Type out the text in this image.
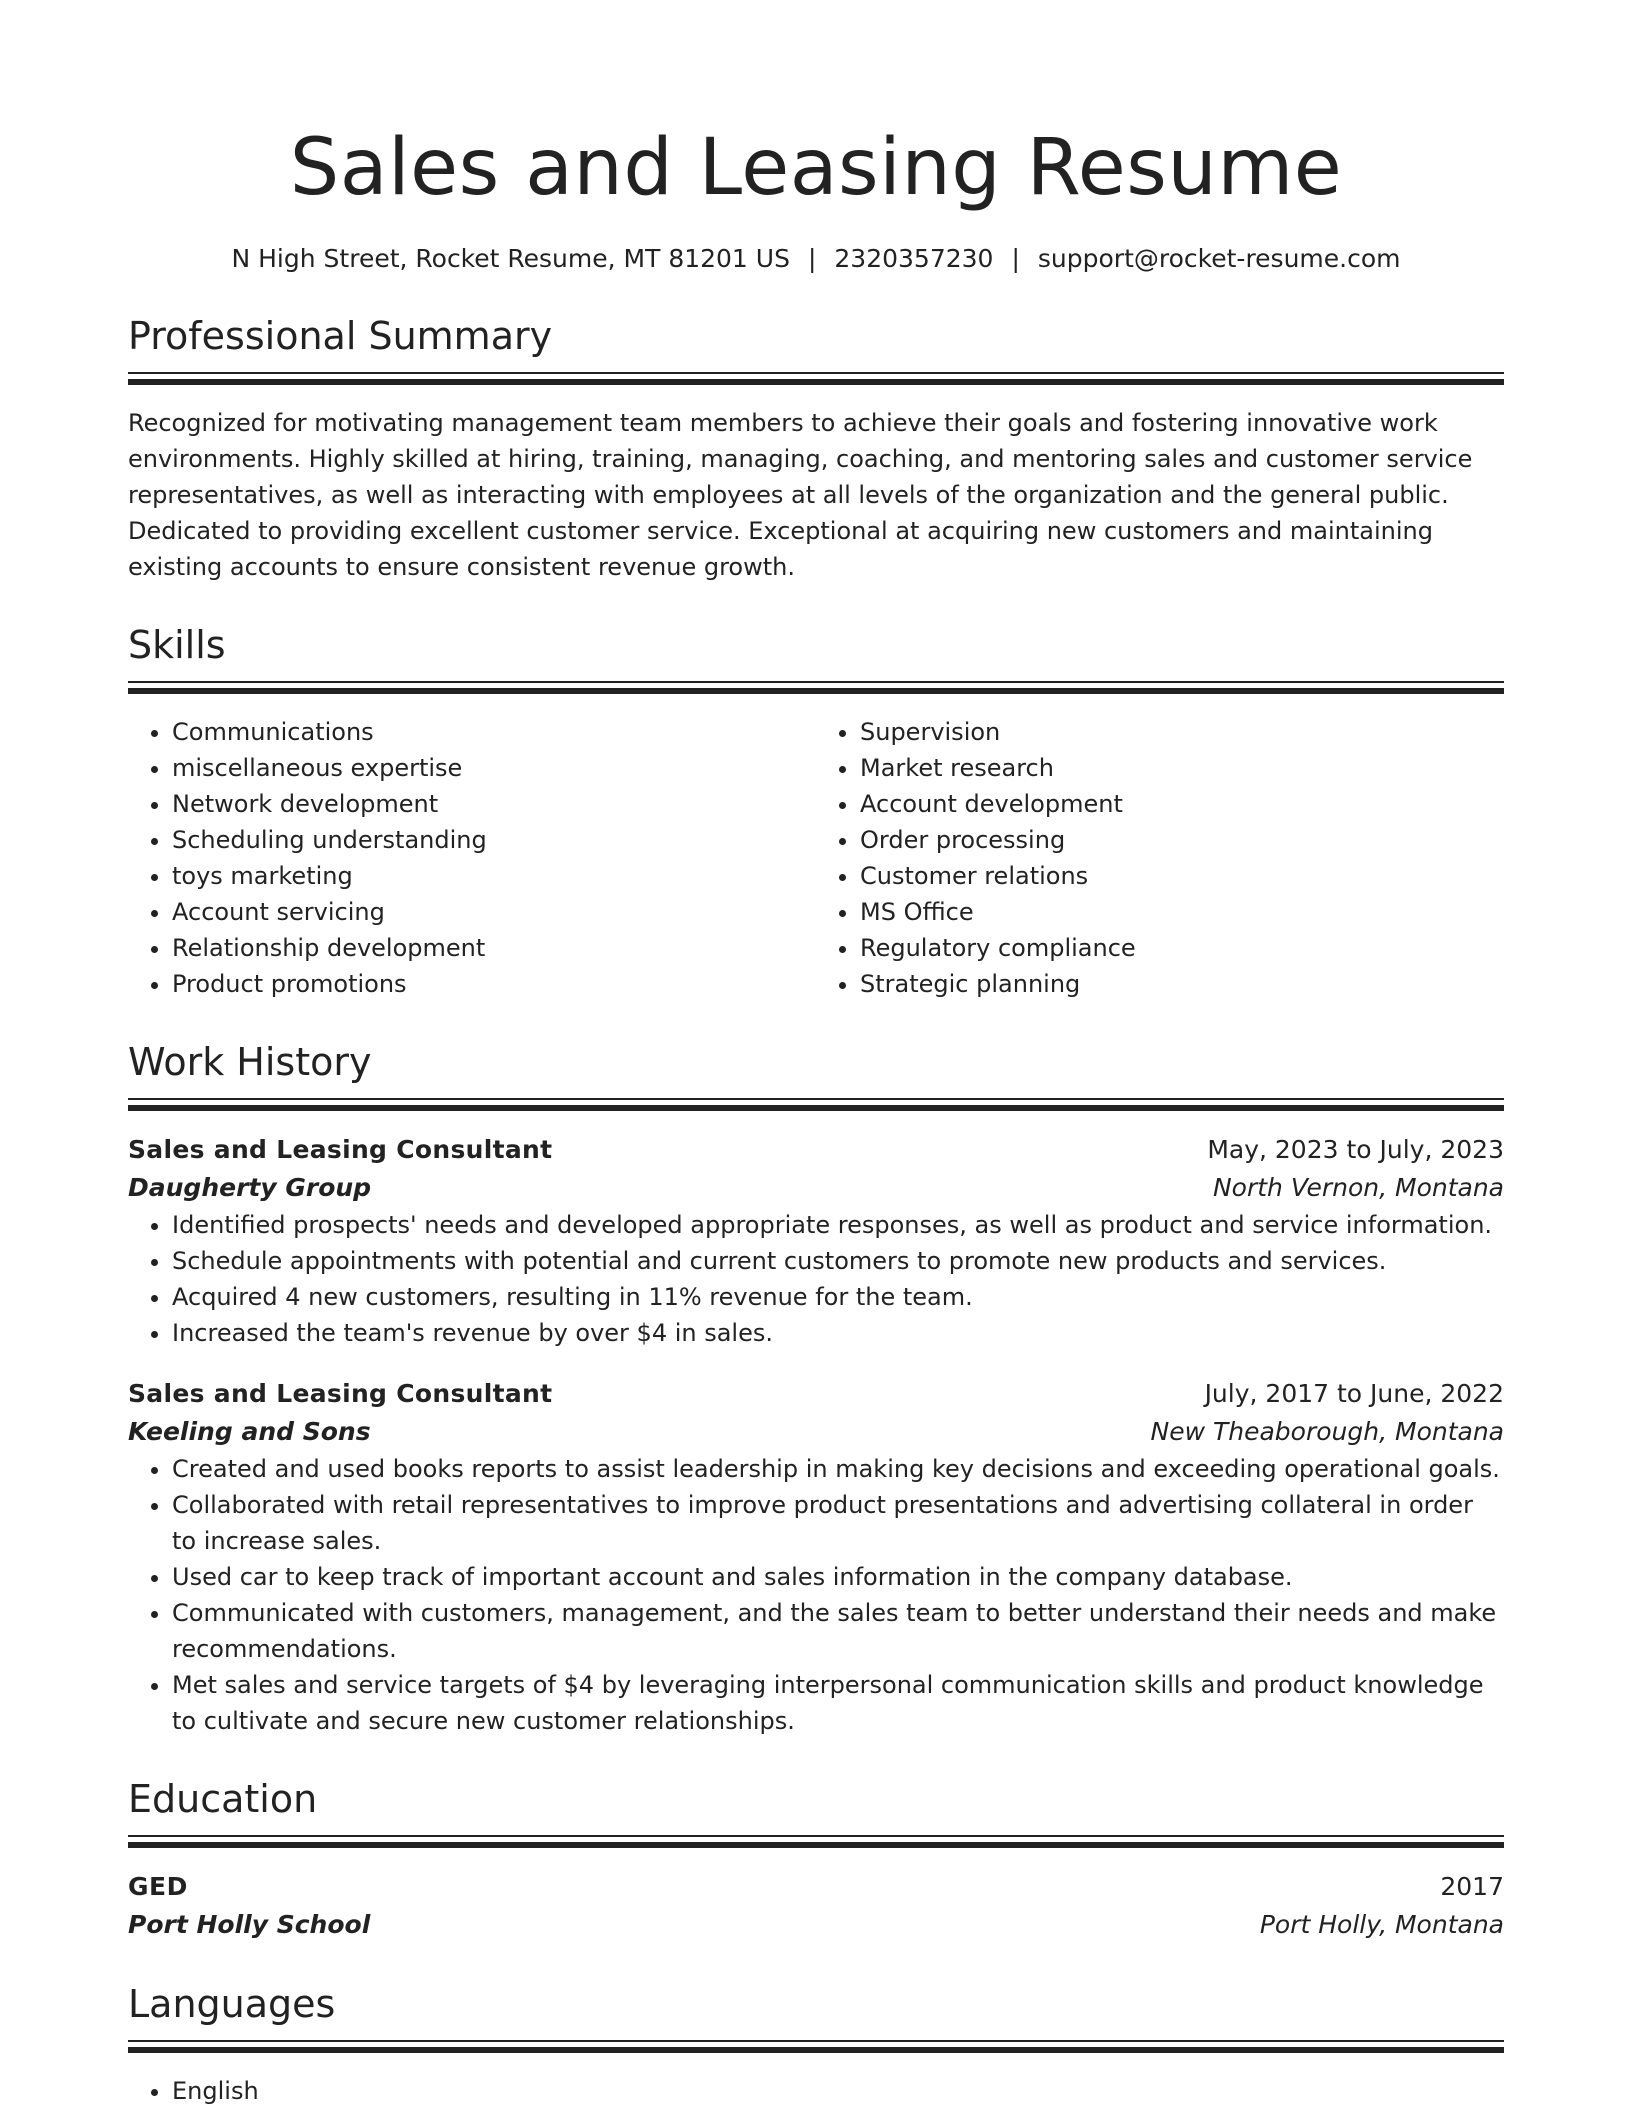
Sales and Leasing Resume
N High Street, Rocket Resume, MT 81201 US | 2320357230 | support@rocket-resume.com
Professional Summary

Recognized for motivating management team members to achieve their goals and fostering innovative work environments. Highly skilled at hiring, training, managing, coaching, and mentoring sales and customer service representatives, as well as interacting with employees at all levels of the organization and the general public. Dedicated to providing excellent customer service. Exceptional at acquiring new customers and maintaining existing accounts to ensure consistent revenue growth.

Skills
• Communications
• miscellaneous expertise
• Network development
• Scheduling understanding
• toys marketing
• Account servicing
• Relationship development
• Product promotions
• Supervision
• Market research
• Account development
• Order processing
• Customer relations
• MS Office
• Regulatory compliance
• Strategic planning
Work History
Sales and Leasing Consultant	May, 2023 to July, 2023
Daugherty Group	North Vernon, Montana
• Identified prospects' needs and developed appropriate responses, as well as product and service information.
• Schedule appointments with potential and current customers to promote new products and services.
• Acquired 4 new customers, resulting in 11% revenue for the team.
• Increased the team's revenue by over $4 in sales.
Sales and Leasing Consultant	July, 2017 to June, 2022
Keeling and Sons	New Theaborough, Montana
• Created and used books reports to assist leadership in making key decisions and exceeding operational goals.
• Collaborated with retail representatives to improve product presentations and advertising collateral in order to increase sales.
• Used car to keep track of important account and sales information in the company database.
• Communicated with customers, management, and the sales team to better understand their needs and make recommendations.
• Met sales and service targets of $4 by leveraging interpersonal communication skills and product knowledge to cultivate and secure new customer relationships.
Education
GED	2017
Port Holly School	Port Holly, Montana
Languages
• English
